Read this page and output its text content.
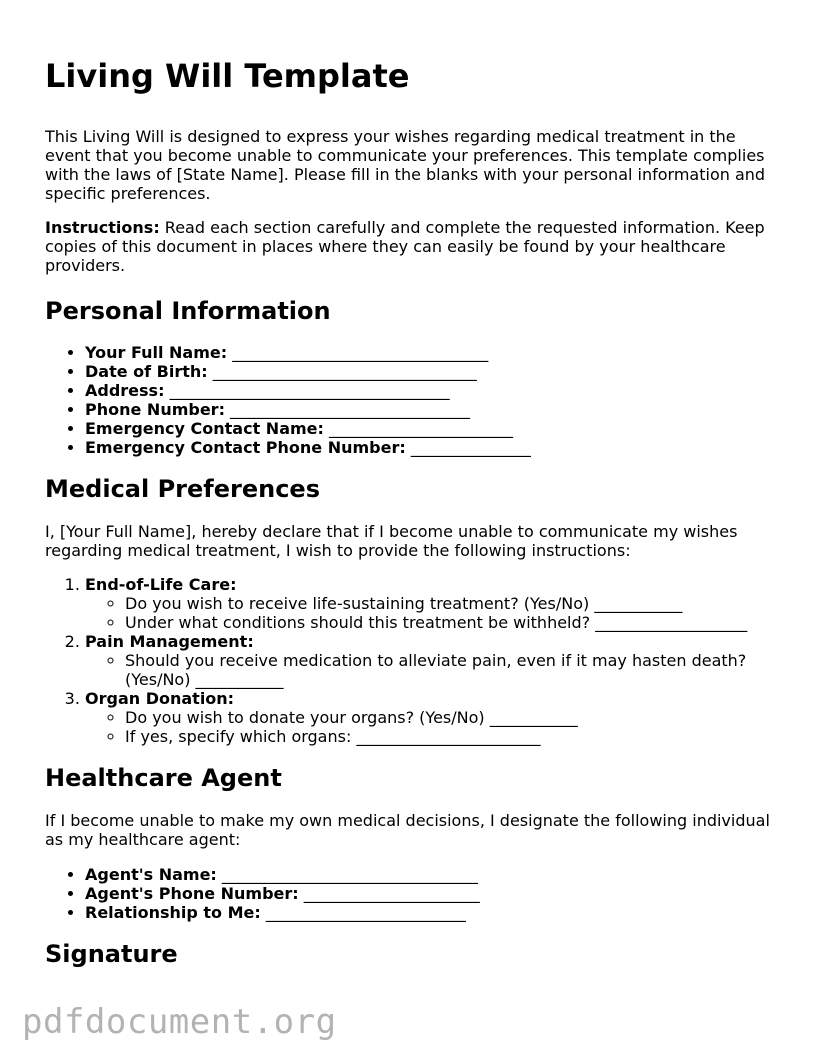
Living Will Template

This Living Will is designed to express your wishes regarding medical treatment in the event that you become unable to communicate your preferences. This template complies with the laws of [State Name]. Please fill in the blanks with your personal information and specific preferences.

Instructions: Read each section carefully and complete the requested information. Keep copies of this document in places where they can easily be found by your healthcare providers.

Personal Information
• Your Full Name: ________________________________
• Date of Birth: _________________________________
• Address: ___________________________________
• Phone Number: ______________________________
• Emergency Contact Name: _______________________
• Emergency Contact Phone Number: _______________
Medical Preferences

I, [Your Full Name], hereby declare that if I become unable to communicate my wishes regarding medical treatment, I wish to provide the following instructions:

1. End-of-Life Care:
◦ Do you wish to receive life-sustaining treatment? (Yes/No) ___________
◦ Under what conditions should this treatment be withheld? ___________________
2. Pain Management:
◦ Should you receive medication to alleviate pain, even if it may hasten death? (Yes/No) ___________
3. Organ Donation:
◦ Do you wish to donate your organs? (Yes/No) ___________
◦ If yes, specify which organs: _______________________
Healthcare Agent

If I become unable to make my own medical decisions, I designate the following individual as my healthcare agent:

• Agent's Name: ________________________________
• Agent's Phone Number: ______________________
• Relationship to Me: _________________________
Signature
pdfdocument.org
